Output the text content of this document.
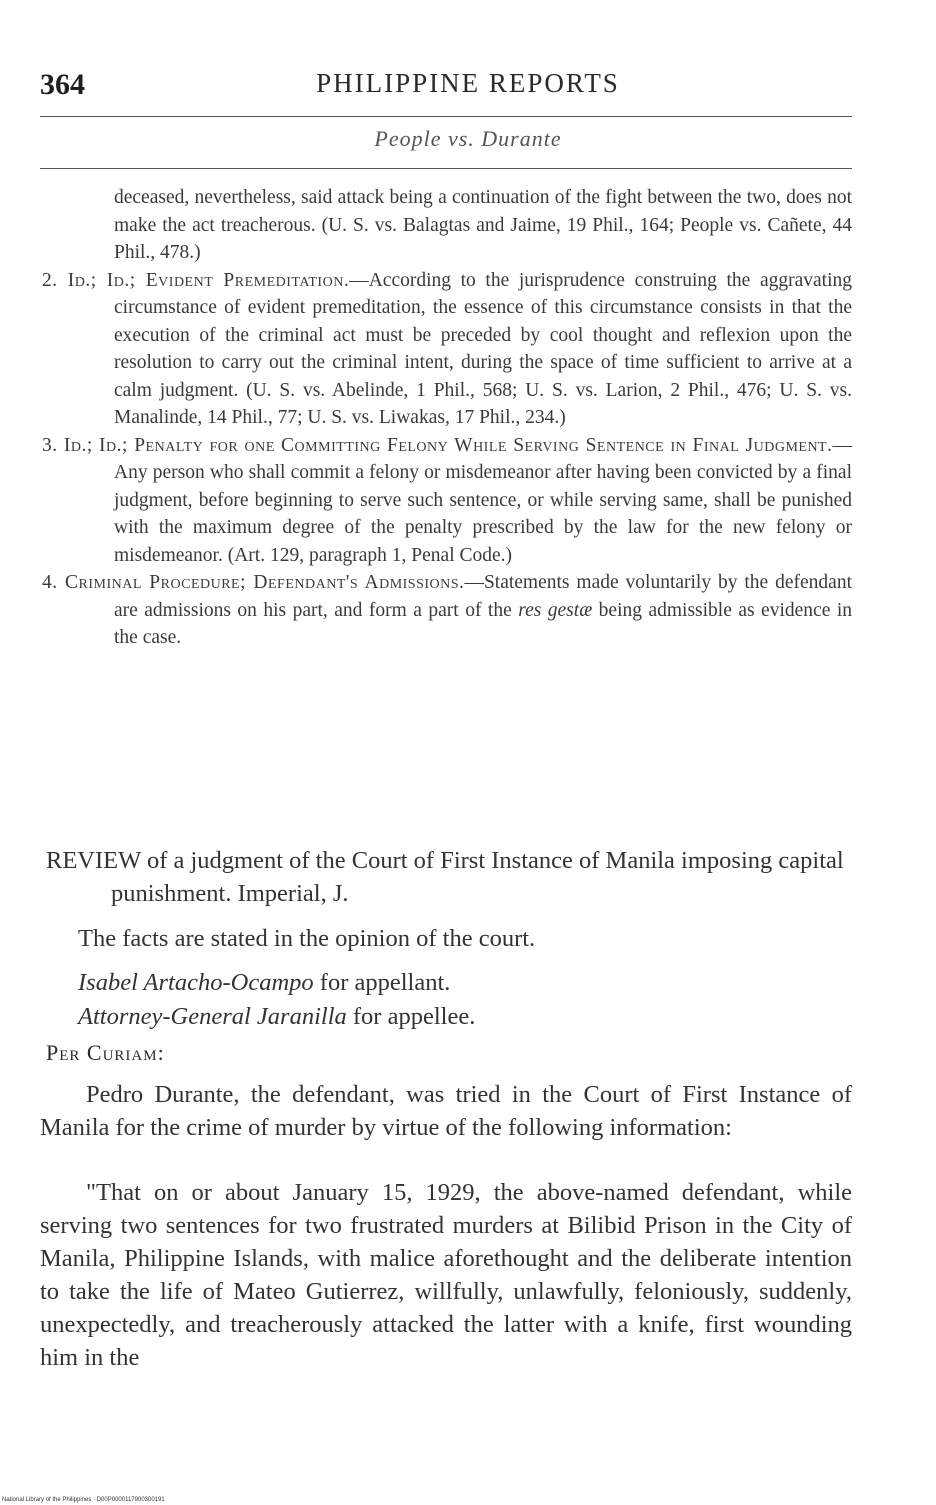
364	PHILIPPINE REPORTS
People vs. Durante

deceased, nevertheless, said attack being a continuation of the fight between the two, does not make the act treacherous. (U. S. vs. Balagtas and Jaime, 19 Phil., 164; People vs. Cañete, 44 Phil., 478.)

2. Id.; Id.; Evident Premeditation.—According to the jurisprudence construing the aggravating circumstance of evident premeditation, the essence of this circumstance consists in that the execution of the criminal act must be preceded by cool thought and reflexion upon the resolution to carry out the criminal intent, during the space of time sufficient to arrive at a calm judgment. (U. S. vs. Abelinde, 1 Phil., 568; U. S. vs. Larion, 2 Phil., 476; U. S. vs. Manalinde, 14 Phil., 77; U. S. vs. Liwakas, 17 Phil., 234.)

3. Id.; Id.; Penalty for one Committing Felony While Serving Sentence in Final Judgment.—Any person who shall commit a felony or misdemeanor after having been convicted by a final judgment, before beginning to serve such sentence, or while serving same, shall be punished with the maximum degree of the penalty prescribed by the law for the new felony or misdemeanor. (Art. 129, paragraph 1, Penal Code.)

4. Criminal Procedure; Defendant's Admissions.—Statements made voluntarily by the defendant are admissions on his part, and form a part of the res gestæ being admissible as evidence in the case.

REVIEW of a judgment of the Court of First Instance of Manila imposing capital punishment. Imperial, J.
The facts are stated in the opinion of the court.
Isabel Artacho-Ocampo for appellant.
Attorney-General Jaranilla for appellee.
Per Curiam:
Pedro Durante, the defendant, was tried in the Court of First Instance of Manila for the crime of murder by virtue of the following information:
"That on or about January 15, 1929, the above-named defendant, while serving two sentences for two frustrated murders at Bilibid Prison in the City of Manila, Philippine Islands, with malice aforethought and the deliberate intention to take the life of Mateo Gutierrez, willfully, unlawfully, feloniously, suddenly, unexpectedly, and treacherously attacked the latter with a knife, first wounding him in the
National Library of the Philippines · D00P0000117900300191
